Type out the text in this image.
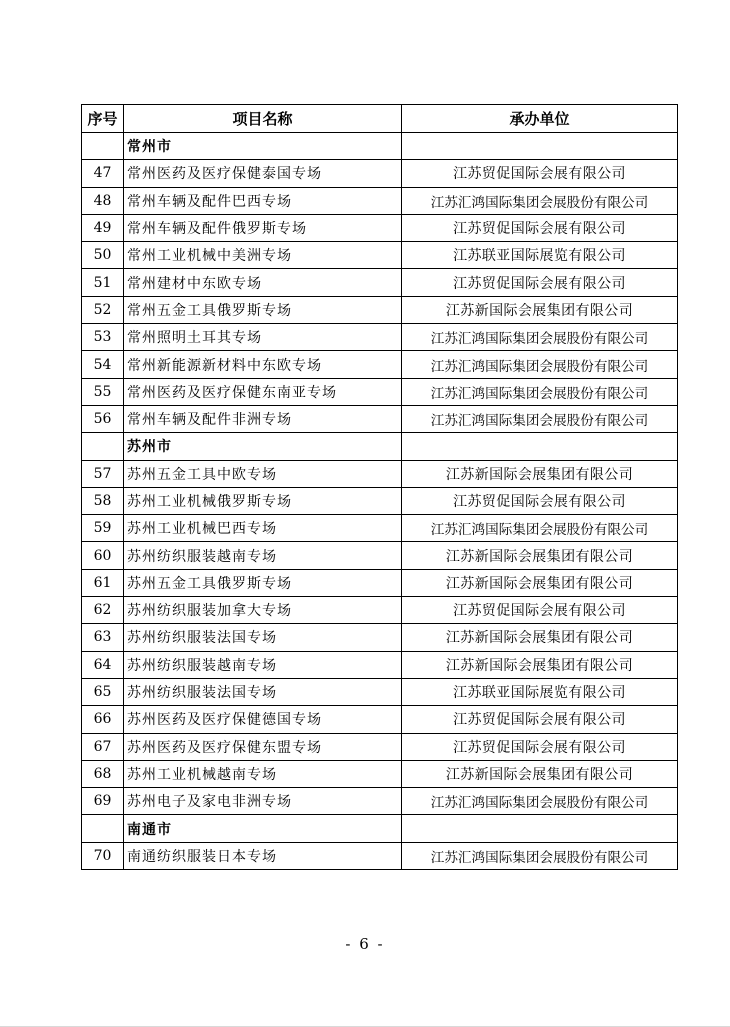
序号	项目名称	承办单位
	常州市	
47	常州医药及医疗保健泰国专场	江苏贸促国际会展有限公司
48	常州车辆及配件巴西专场	江苏汇鸿国际集团会展股份有限公司
49	常州车辆及配件俄罗斯专场	江苏贸促国际会展有限公司
50	常州工业机械中美洲专场	江苏联亚国际展览有限公司
51	常州建材中东欧专场	江苏贸促国际会展有限公司
52	常州五金工具俄罗斯专场	江苏新国际会展集团有限公司
53	常州照明土耳其专场	江苏汇鸿国际集团会展股份有限公司
54	常州新能源新材料中东欧专场	江苏汇鸿国际集团会展股份有限公司
55	常州医药及医疗保健东南亚专场	江苏汇鸿国际集团会展股份有限公司
56	常州车辆及配件非洲专场	江苏汇鸿国际集团会展股份有限公司
	苏州市	
57	苏州五金工具中欧专场	江苏新国际会展集团有限公司
58	苏州工业机械俄罗斯专场	江苏贸促国际会展有限公司
59	苏州工业机械巴西专场	江苏汇鸿国际集团会展股份有限公司
60	苏州纺织服装越南专场	江苏新国际会展集团有限公司
61	苏州五金工具俄罗斯专场	江苏新国际会展集团有限公司
62	苏州纺织服装加拿大专场	江苏贸促国际会展有限公司
63	苏州纺织服装法国专场	江苏新国际会展集团有限公司
64	苏州纺织服装越南专场	江苏新国际会展集团有限公司
65	苏州纺织服装法国专场	江苏联亚国际展览有限公司
66	苏州医药及医疗保健德国专场	江苏贸促国际会展有限公司
67	苏州医药及医疗保健东盟专场	江苏贸促国际会展有限公司
68	苏州工业机械越南专场	江苏新国际会展集团有限公司
69	苏州电子及家电非洲专场	江苏汇鸿国际集团会展股份有限公司
	南通市	
70	南通纺织服装日本专场	江苏汇鸿国际集团会展股份有限公司
- 6 -
